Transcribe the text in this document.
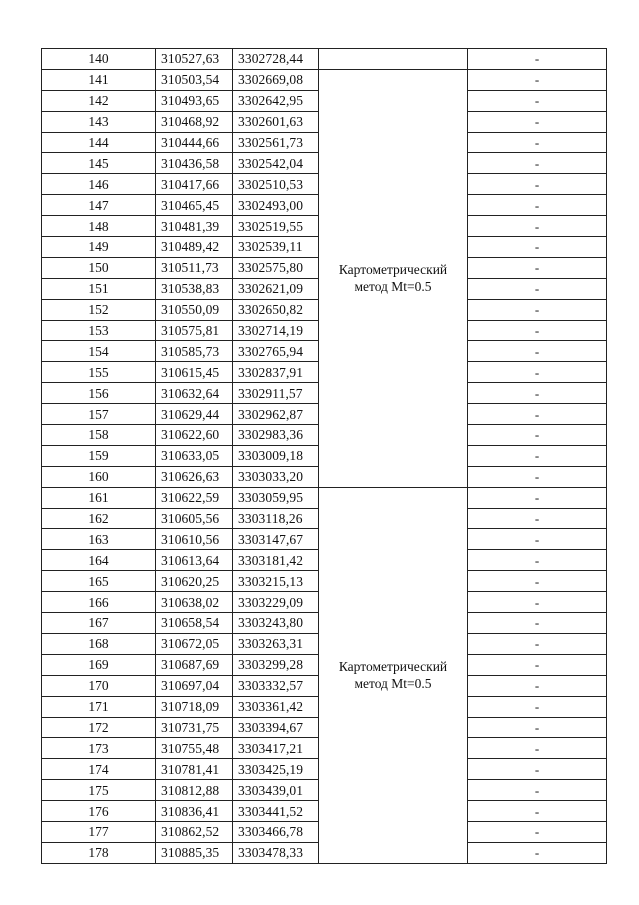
140	310527,63	3302728,44		-
141	310503,54	3302669,08	Картометрический метод Mt=0.5	-
142	310493,65	3302642,95		-
143	310468,92	3302601,63		-
144	310444,66	3302561,73		-
145	310436,58	3302542,04		-
146	310417,66	3302510,53		-
147	310465,45	3302493,00		-
148	310481,39	3302519,55		-
149	310489,42	3302539,11		-
150	310511,73	3302575,80		-
151	310538,83	3302621,09		-
152	310550,09	3302650,82		-
153	310575,81	3302714,19		-
154	310585,73	3302765,94		-
155	310615,45	3302837,91		-
156	310632,64	3302911,57		-
157	310629,44	3302962,87		-
158	310622,60	3302983,36		-
159	310633,05	3303009,18		-
160	310626,63	3303033,20		-
161	310622,59	3303059,95	Картометрический метод Mt=0.5	-
162	310605,56	3303118,26		-
163	310610,56	3303147,67		-
164	310613,64	3303181,42		-
165	310620,25	3303215,13		-
166	310638,02	3303229,09		-
167	310658,54	3303243,80		-
168	310672,05	3303263,31		-
169	310687,69	3303299,28		-
170	310697,04	3303332,57		-
171	310718,09	3303361,42		-
172	310731,75	3303394,67		-
173	310755,48	3303417,21		-
174	310781,41	3303425,19		-
175	310812,88	3303439,01		-
176	310836,41	3303441,52		-
177	310862,52	3303466,78		-
178	310885,35	3303478,33		-
